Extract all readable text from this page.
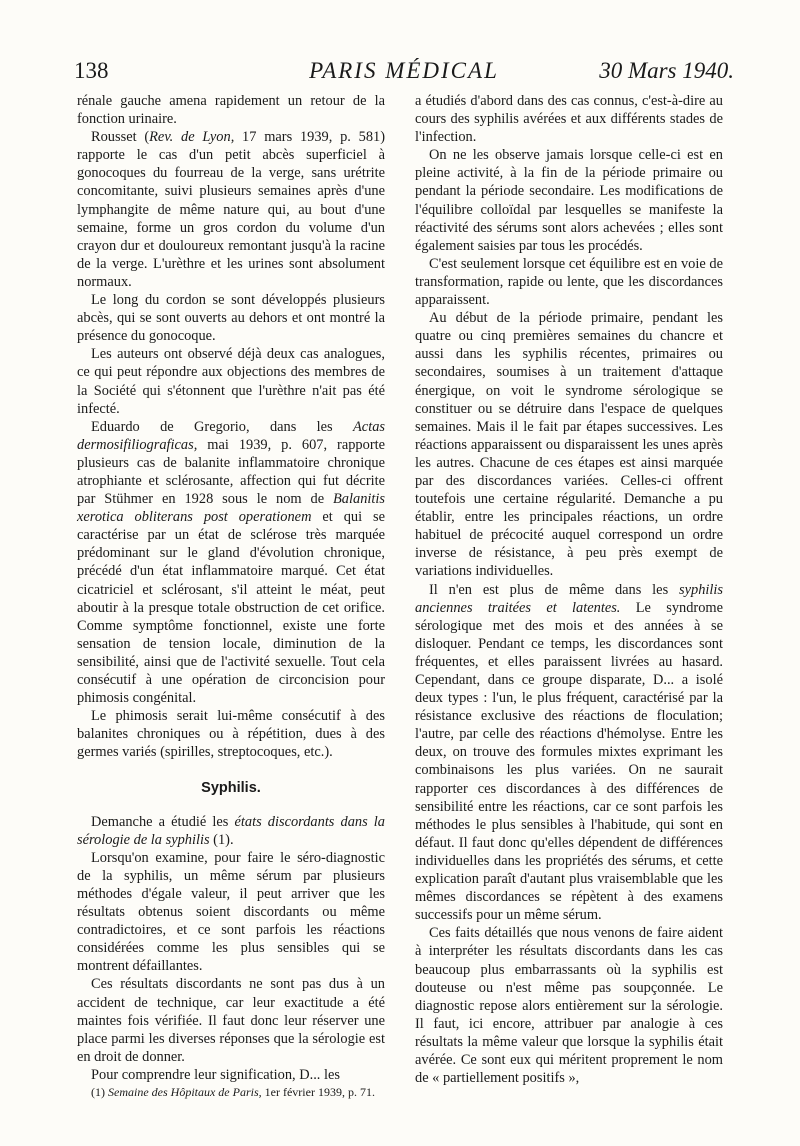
138	PARIS MÉDICAL	30 Mars 1940.

rénale gauche amena rapidement un retour de la fonction urinaire.

Rousset (Rev. de Lyon, 17 mars 1939, p. 581) rapporte le cas d'un petit abcès superficiel à gonocoques du fourreau de la verge, sans urétrite concomitante, suivi plusieurs semaines après d'une lymphangite de même nature qui, au bout d'une semaine, forme un gros cordon du volume d'un crayon dur et douloureux remontant jusqu'à la racine de la verge. L'urèthre et les urines sont absolument normaux.

Le long du cordon se sont développés plusieurs abcès, qui se sont ouverts au dehors et ont montré la présence du gonocoque.

Les auteurs ont observé déjà deux cas analogues, ce qui peut répondre aux objections des membres de la Société qui s'étonnent que l'urèthre n'ait pas été infecté.

Eduardo de Gregorio, dans les Actas dermosifiliograficas, mai 1939, p. 607, rapporte plusieurs cas de balanite inflammatoire chronique atrophiante et sclérosante, affection qui fut décrite par Stühmer en 1928 sous le nom de Balanitis xerotica obliterans post operationem et qui se caractérise par un état de sclérose très marquée prédominant sur le gland d'évolution chronique, précédé d'un état inflammatoire marqué. Cet état cicatriciel et sclérosant, s'il atteint le méat, peut aboutir à la presque totale obstruction de cet orifice. Comme symptôme fonctionnel, existe une forte sensation de tension locale, diminution de la sensibilité, ainsi que de l'activité sexuelle. Tout cela consécutif à une opération de circoncision pour phimosis congénital.

Le phimosis serait lui-même consécutif à des balanites chroniques ou à répétition, dues à des germes variés (spirilles, streptocoques, etc.).

Syphilis.

Demanche a étudié les états discordants dans la sérologie de la syphilis (1).

Lorsqu'on examine, pour faire le séro-diagnostic de la syphilis, un même sérum par plusieurs méthodes d'égale valeur, il peut arriver que les résultats obtenus soient discordants ou même contradictoires, et ce sont parfois les réactions considérées comme les plus sensibles qui se montrent défaillantes.

Ces résultats discordants ne sont pas dus à un accident de technique, car leur exactitude a été maintes fois vérifiée. Il faut donc leur réserver une place parmi les diverses réponses que la sérologie est en droit de donner.

Pour comprendre leur signification, D... les

(1) Semaine des Hôpitaux de Paris, 1er février 1939, p. 71.

a étudiés d'abord dans des cas connus, c'est-à-dire au cours des syphilis avérées et aux différents stades de l'infection.

On ne les observe jamais lorsque celle-ci est en pleine activité, à la fin de la période primaire ou pendant la période secondaire. Les modifications de l'équilibre colloïdal par lesquelles se manifeste la réactivité des sérums sont alors achevées ; elles sont également saisies par tous les procédés.

C'est seulement lorsque cet équilibre est en voie de transformation, rapide ou lente, que les discordances apparaissent.

Au début de la période primaire, pendant les quatre ou cinq premières semaines du chancre et aussi dans les syphilis récentes, primaires ou secondaires, soumises à un traitement d'attaque énergique, on voit le syndrome sérologique se constituer ou se détruire dans l'espace de quelques semaines. Mais il le fait par étapes successives. Les réactions apparaissent ou disparaissent les unes après les autres. Chacune de ces étapes est ainsi marquée par des discordances variées. Celles-ci offrent toutefois une certaine régularité. Demanche a pu établir, entre les principales réactions, un ordre habituel de précocité auquel correspond un ordre inverse de résistance, à peu près exempt de variations individuelles.

Il n'en est plus de même dans les syphilis anciennes traitées et latentes. Le syndrome sérologique met des mois et des années à se disloquer. Pendant ce temps, les discordances sont fréquentes, et elles paraissent livrées au hasard. Cependant, dans ce groupe disparate, D... a isolé deux types : l'un, le plus fréquent, caractérisé par la résistance exclusive des réactions de floculation; l'autre, par celle des réactions d'hémolyse. Entre les deux, on trouve des formules mixtes exprimant les combinaisons les plus variées. On ne saurait rapporter ces discordances à des différences de sensibilité entre les réactions, car ce sont parfois les méthodes le plus sensibles à l'habitude, qui sont en défaut. Il faut donc qu'elles dépendent de différences individuelles dans les propriétés des sérums, et cette explication paraît d'autant plus vraisemblable que les mêmes discordances se répètent à des examens successifs pour un même sérum.

Ces faits détaillés que nous venons de faire aident à interpréter les résultats discordants dans les cas beaucoup plus embarrassants où la syphilis est douteuse ou n'est même pas soupçonnée. Le diagnostic repose alors entièrement sur la sérologie. Il faut, ici encore, attribuer par analogie à ces résultats la même valeur que lorsque la syphilis était avérée. Ce sont eux qui méritent proprement le nom de « partiellement positifs »,
